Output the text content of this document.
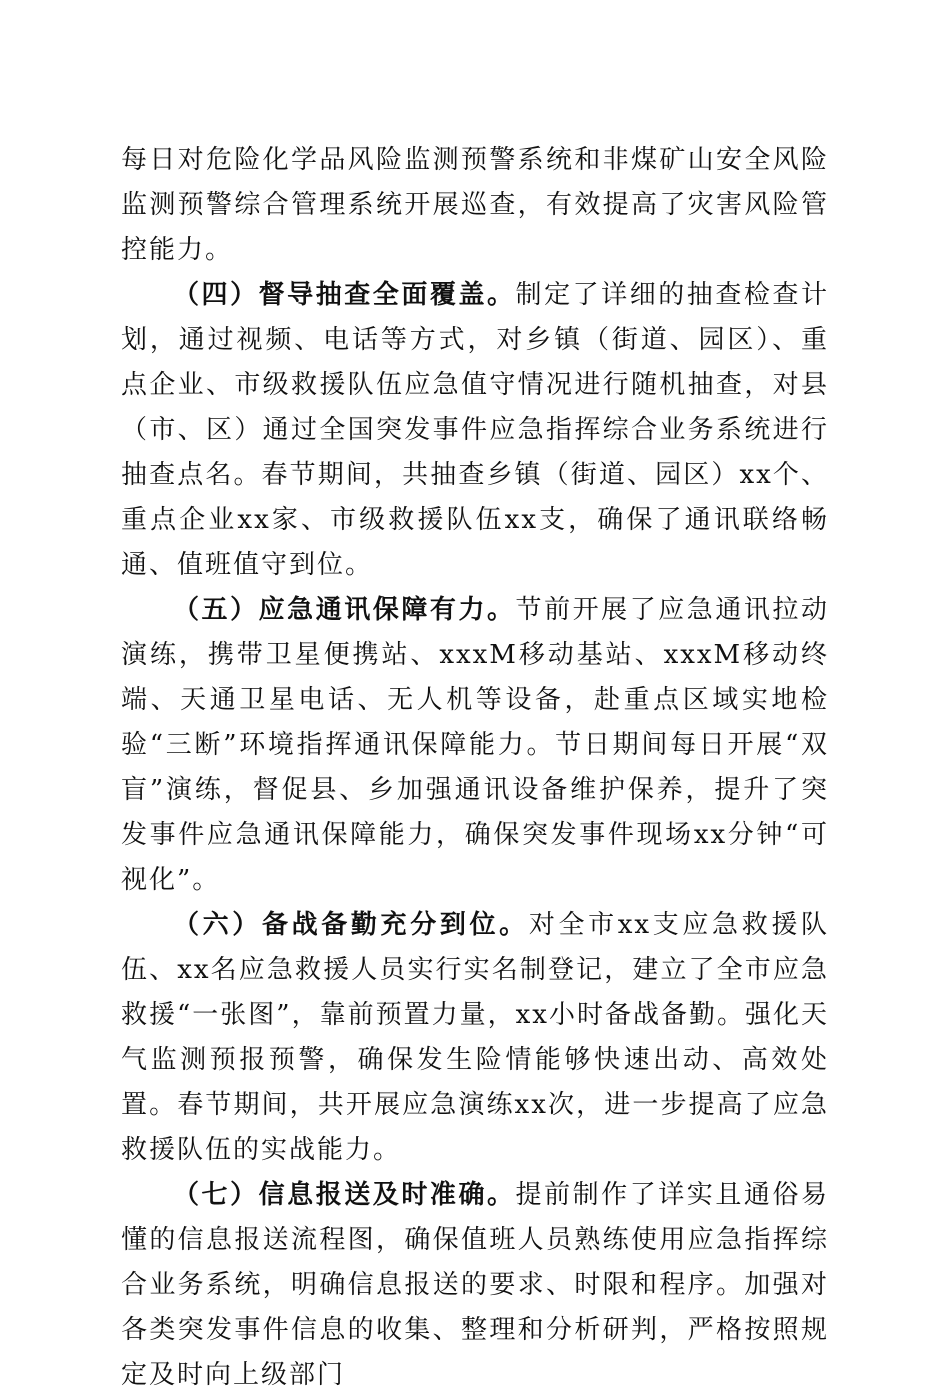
每日对危险化学品风险监测预警系统和非煤矿山安全风险监测预警综合管理系统开展巡查，有效提高了灾害风险管控能力。

（四）督导抽查全面覆盖。制定了详细的抽查检查计划，通过视频、电话等方式，对乡镇（街道、园区）、重点企业、市级救援队伍应急值守情况进行随机抽查，对县（市、区）通过全国突发事件应急指挥综合业务系统进行抽查点名。春节期间，共抽查乡镇（街道、园区）xx个、重点企业xx家、市级救援队伍xx支，确保了通讯联络畅通、值班值守到位。

（五）应急通讯保障有力。节前开展了应急通讯拉动演练，携带卫星便携站、xxxM移动基站、xxxM移动终端、天通卫星电话、无人机等设备，赴重点区域实地检验“三断”环境指挥通讯保障能力。节日期间每日开展“双盲”演练，督促县、乡加强通讯设备维护保养，提升了突发事件应急通讯保障能力，确保突发事件现场xx分钟“可视化”。

（六）备战备勤充分到位。对全市xx支应急救援队伍、xx名应急救援人员实行实名制登记，建立了全市应急救援“一张图”，靠前预置力量，xx小时备战备勤。强化天气监测预报预警，确保发生险情能够快速出动、高效处置。春节期间，共开展应急演练xx次，进一步提高了应急救援队伍的实战能力。

（七）信息报送及时准确。提前制作了详实且通俗易懂的信息报送流程图，确保值班人员熟练使用应急指挥综合业务系统，明确信息报送的要求、时限和程序。加强对各类突发事件信息的收集、整理和分析研判，严格按照规定及时向上级部门
